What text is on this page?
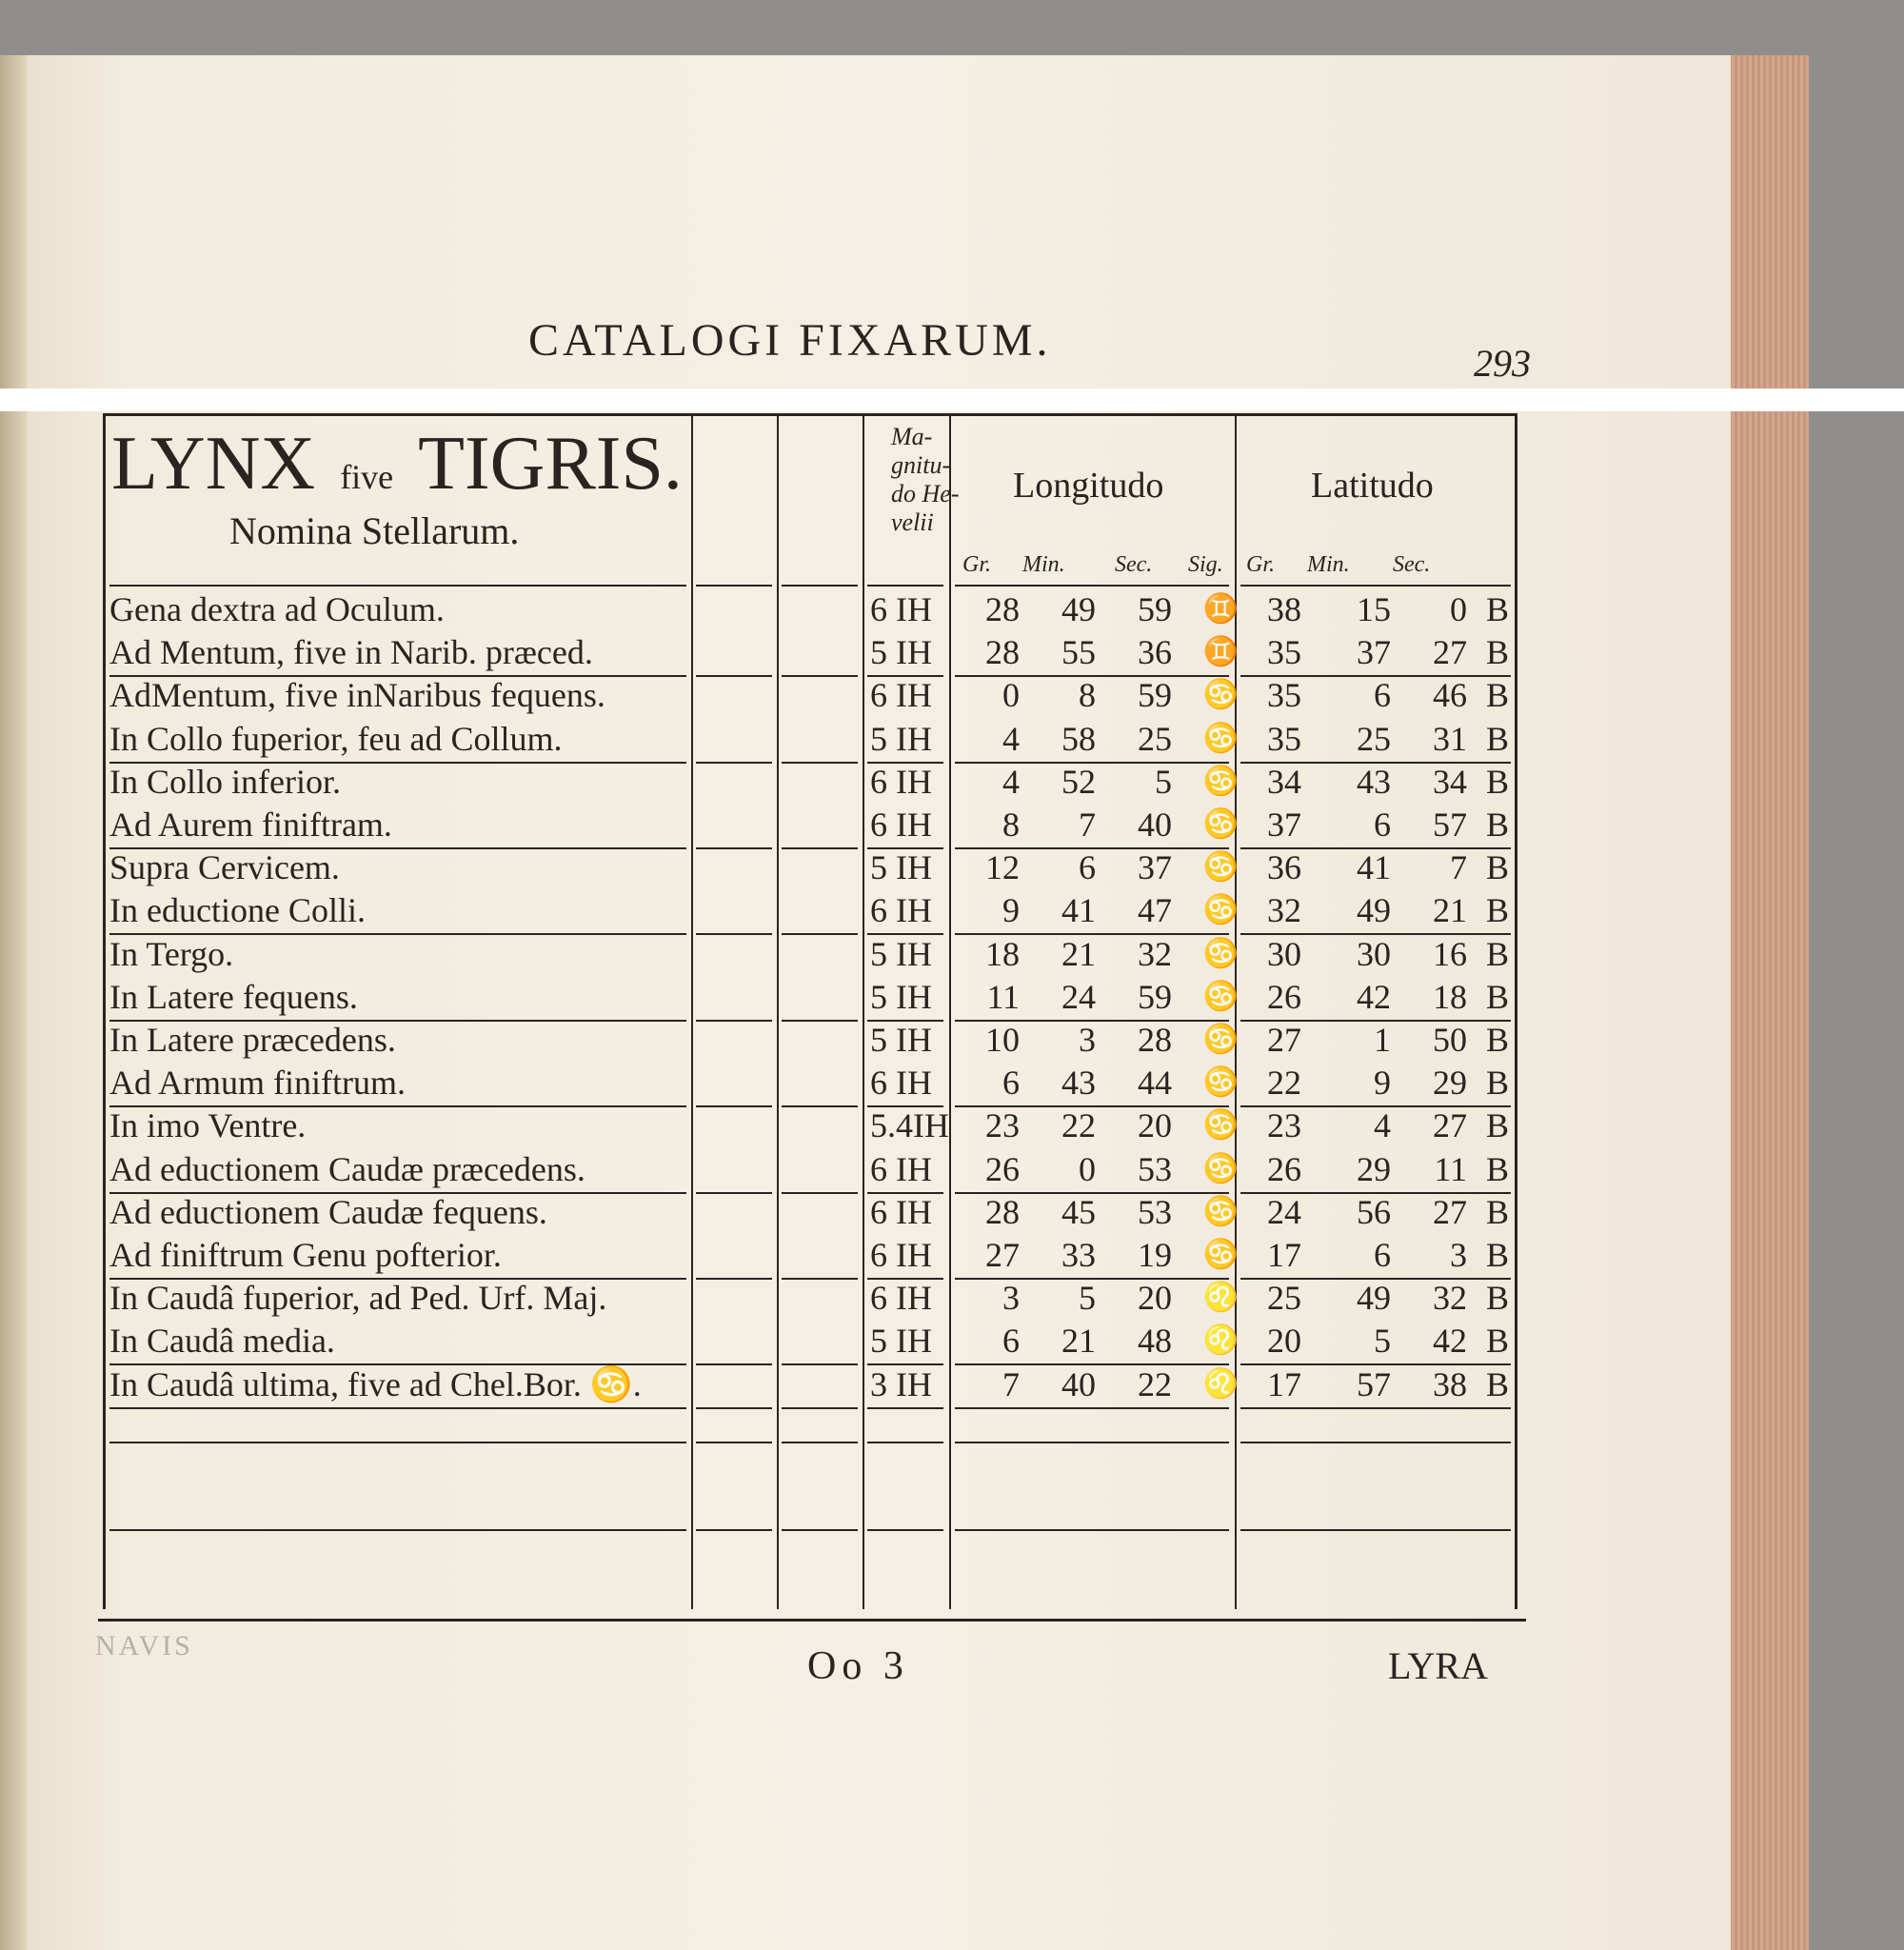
CATALOGI FIXARUM.	293
LYNX five TIGRIS.
Nomina Stellarum.
Ma-
gnitu-
do He-
velii
Longitudo	Latitudo
Gr. Min. Sec. Sig. Gr. Min. Sec.
Gena dextra ad Oculum.	6 IH	28	49	59	♊ 38	15	0 B
Ad Mentum, five in Narib. præced.	5 IH	28	55	36	♊ 35	37	27 B
AdMentum, five inNaribus fequens.	6 IH	0	8	59	♋ 35	6	46 B
In Collo fuperior, feu ad Collum.	5 IH	4	58	25	♋ 35	25	31 B
In Collo inferior.	6 IH	4	52	5	♋ 34	43	34 B
Ad Aurem finiftram.	6 IH	8	7	40	♋ 37	6	57 B
Supra Cervicem.	5 IH	12	6	37	♋ 36	41	7 B
In eductione Colli.	6 IH	9	41	47	♋ 32	49	21 B
In Tergo.	5 IH	18	21	32	♋ 30	30	16 B
In Latere fequens.	5 IH	11	24	59	♋ 26	42	18 B
In Latere præcedens.	5 IH	10	3	28	♋ 27	1	50 B
Ad Armum finiftrum.	6 IH	6	43	44	♋ 22	9	29 B
In imo Ventre.	5.4IH	23	22	20	♋ 23	4	27 B
Ad eductionem Caudæ præcedens.	6 IH	26	0	53	♋ 26	29	11 B
Ad eductionem Caudæ fequens.	6 IH	28	45	53	♋ 24	56	27 B
Ad finiftrum Genu pofterior.	6 IH	27	33	19	♋ 17	6	3 B
In Caudâ fuperior, ad Ped. Urf. Maj.	6 IH	3	5	20	♌ 25	49	32 B
In Caudâ media.	5 IH	6	21	48	♌ 20	5	42 B
In Caudâ ultima, five ad Chel.Bor. ♋.	3 IH	7	40	22	♌ 17	57	38 B
NAVIS	Oo 3	LYRA
